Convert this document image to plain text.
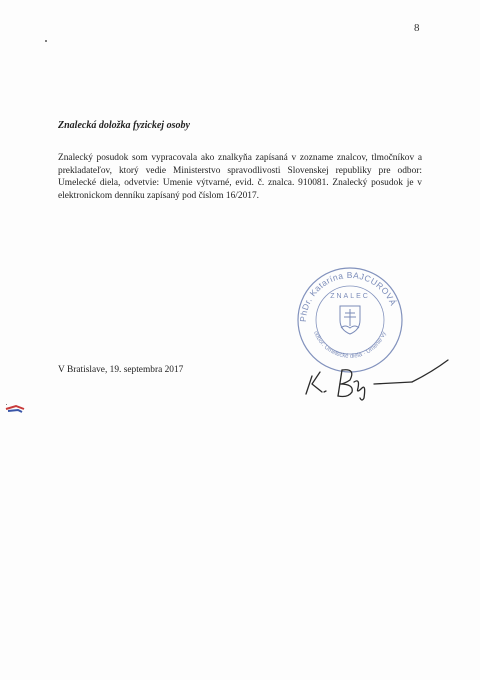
8
Znalecká doložka fyzickej osoby
Znalecký posudok som vypracovala ako znalkyňa zapísaná v zozname znalcov, tlmočníkov a prekladateľov, ktorý vedie Ministerstvo spravodlivosti Slovenskej republiky pre odbor: Umelecké diela, odvetvie: Umenie výtvarné, evid. č. znalca. 910081. Znalecký posudok je v elektronickom denníku zapísaný pod číslom 16/2017.
V Bratislave, 19. septembra 2017
PhDr. Katarína BAJCUROVÁ
ZNALEC
odbor: Umelecké diela · Umenie vý
